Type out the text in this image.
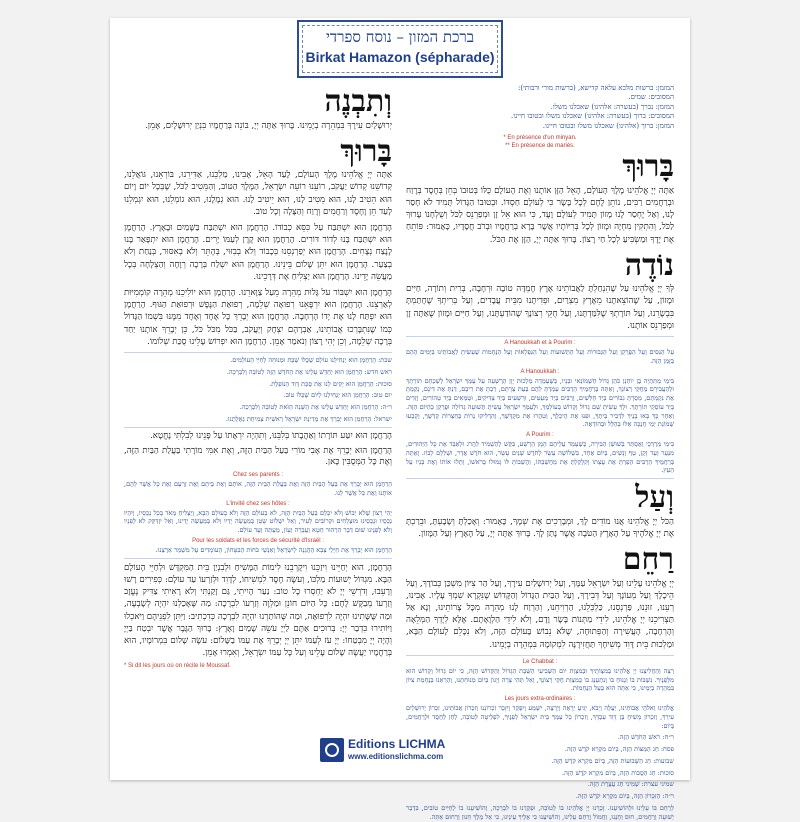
ברכת המזון – נוסח ספרדי
Birkat Hamazon (sépharade)
המזמן: ברשות מלכא עלאה קדישא, (ברשות מורי ורבותי):
המסובים: שמים.
המזמן: נברך (בעשרה: אלהינו) שאכלנו משלו.
המסובים: ברוך (בעשרה: אלהינו) שאכלנו משלו ובטובו חיינו.
המזמן: ברוך (אלהינו) שאכלנו משלו ובטובו חיינו.
* En présence d'un minyan.
** En présence de mariés.
בָּרוּךְ

אַתָּה יְיָ אֱלֹהֵינוּ מֶלֶךְ הָעוֹלָם, הָאֵל הַזָּן אוֹתָנוּ וְאֶת הָעוֹלָם כֻּלּוֹ בְּטוּבוֹ בְּחֵן בְּחֶסֶד בְּרֶוַח וּבְרַחֲמִים רַבִּים, נוֹתֵן לֶחֶם לְכָל בָּשָׂר כִּי לְעוֹלָם חַסְדּוֹ. וּבְטוּבוֹ הַגָּדוֹל תָּמִיד לֹא חָסַר לָנוּ, וְאַל יֶחְסַר לָנוּ מָזוֹן תָּמִיד לְעוֹלָם וָעֶד, כִּי הוּא אֵל זָן וּמְפַרְנֵס לַכֹּל וְשֻׁלְחָנוֹ עָרוּךְ לַכֹּל, וְהִתְקִין מִחְיָה וּמָזוֹן לְכָל בְּרִיּוֹתָיו אֲשֶׁר בָּרָא בְרַחֲמָיו וּבְרֹב חֲסָדָיו, כָּאָמוּר: פּוֹתֵחַ אֶת יָדֶךָ וּמַשְׂבִּיעַ לְכָל חַי רָצוֹן. בָּרוּךְ אַתָּה יְיָ, הַזָּן אֶת הַכֹּל.

נוֹדֶה

לְּךָ יְיָ אֱלֹהֵינוּ עַל שֶׁהִנְחַלְתָּ לַאֲבוֹתֵינוּ אֶרֶץ חֶמְדָּה טוֹבָה וּרְחָבָה, בְּרִית וְתוֹרָה, חַיִּים וּמָזוֹן, עַל שֶׁהוֹצֵאתָנוּ מֵאֶרֶץ מִצְרַיִם, וּפְדִיתָנוּ מִבֵּית עֲבָדִים, וְעַל בְּרִיתְךָ שֶׁחָתַמְתָּ בִּבְשָׂרֵנוּ, וְעַל תּוֹרָתְךָ שֶׁלִּמַּדְתָּנוּ, וְעַל חֻקֵּי רְצוֹנָךְ שֶׁהוֹדַעְתָּנוּ, וְעַל חַיִּים וּמָזוֹן שֶׁאַתָּה זָן וּמְפַרְנֵס אוֹתָנוּ.

A Hanoukkah et à Pourim :

עַל הַנִּסִּים וְעַל הַפֻּרְקָן וְעַל הַגְּבוּרוֹת וְעַל הַתְּשׁוּעוֹת וְעַל הַנִּפְלָאוֹת וְעַל הַנֶּחָמוֹת שֶׁעָשִׂיתָ לַאֲבוֹתֵינוּ בַּיָּמִים הָהֵם בַּזְּמַן הַזֶּה.

A Hanoukkah :

בִּימֵי מַתִּתְיָה בֶן יוֹחָנָן כֹּהֵן גָּדוֹל חַשְׁמוֹנַאי וּבָנָיו, כְּשֶׁעָמְדָה מַלְכוּת יָוָן הָרְשָׁעָה עַל עַמְּךָ יִשְׂרָאֵל לְשַׁכְּחָם תּוֹרָתָךְ וּלְהַעֲבִירָם מֵחֻקֵּי רְצוֹנָךְ, וְאַתָּה בְּרַחֲמֶיךָ הָרַבִּים עָמַדְתָּ לָהֶם בְּעֵת צָרָתָם, רַבְתָּ אֶת רִיבָם, דַּנְתָּ אֶת דִּינָם, נָקַמְתָּ אֶת נִקְמָתָם, מָסַרְתָּ גִבּוֹרִים בְּיַד חַלָּשִׁים, וְרַבִּים בְּיַד מְעַטִּים, וּרְשָׁעִים בְּיַד צַדִּיקִים, וּטְמֵאִים בְּיַד טְהוֹרִים, וְזֵדִים בְּיַד עוֹסְקֵי תוֹרָתֶךָ. וּלְךָ עָשִׂיתָ שֵׁם גָּדוֹל וְקָדוֹשׁ בְּעוֹלָמָךְ, וּלְעַמְּךָ יִשְׂרָאֵל עָשִׂיתָ תְּשׁוּעָה גְדוֹלָה וּפֻרְקָן כְּהַיּוֹם הַזֶּה. וְאַחַר כָּךְ בָּאוּ בָנֶיךָ לִדְבִיר בֵּיתֶךָ, וּפִנּוּ אֶת הֵיכָלֶךָ, וְטִהֲרוּ אֶת מִקְדָּשֶׁךָ, וְהִדְלִיקוּ נֵרוֹת בְּחַצְרוֹת קָדְשֶׁךָ, וְקָבְעוּ שְׁמוֹנַת יְמֵי חֲנֻכָּה אֵלּוּ בְּהַלֵּל וּבְהוֹדָאָה.

A Pourim :

בִּימֵי מָרְדְּכַי וְאֶסְתֵּר בְּשׁוּשַׁן הַבִּירָה, כְּשֶׁעָמַד עֲלֵיהֶם הָמָן הָרָשָׁע, בִּקֵּשׁ לְהַשְׁמִיד לַהֲרֹג וּלְאַבֵּד אֶת כָּל הַיְּהוּדִים, מִנַּעַר וְעַד זָקֵן, טַף וְנָשִׁים, בְּיוֹם אֶחָד, בִּשְׁלוֹשָׁה עָשָׂר לְחֹדֶשׁ שְׁנֵים עָשָׂר, הוּא חֹדֶשׁ אֲדָר, וּשְׁלָלָם לָבוֹז. וְאַתָּה בְּרַחֲמֶיךָ הָרַבִּים הֵפַרְתָּ אֶת עֲצָתוֹ וְקִלְקַלְתָּ אֶת מַחֲשַׁבְתּוֹ, וַהֲשֵׁבוֹתָ לּוֹ גְּמוּלוֹ בְרֹאשׁוֹ, וְתָלוּ אוֹתוֹ וְאֶת בָּנָיו עַל הָעֵץ.

וְעַל

הַכֹּל יְיָ אֱלֹהֵינוּ אֲנוּ מוֹדִים לָךְ, וּמְבָרְכִים אֶת שְׁמָךְ, כָּאָמוּר: וְאָכַלְתָּ וְשָׂבָעְתָּ, וּבֵרַכְתָּ אֶת יְיָ אֱלֹהֶיךָ עַל הָאָרֶץ הַטֹּבָה אֲשֶׁר נָתַן לָךְ. בָּרוּךְ אַתָּה יְיָ, עַל הָאָרֶץ וְעַל הַמָּזוֹן.

רַחֵם

יְיָ אֱלֹהֵינוּ עָלֵינוּ וְעַל יִשְׂרָאֵל עַמָּךְ, וְעַל יְרוּשָׁלַיִם עִירָךְ, וְעַל הַר צִיּוֹן מִשְׁכַּן כְּבוֹדָךְ, וְעַל הֵיכָלָךְ וְעַל מְעוֹנָךְ וְעַל דְּבִירָךְ, וְעַל הַבַּיִת הַגָּדוֹל וְהַקָּדוֹשׁ שֶׁנִּקְרָא שִׁמְךָ עָלָיו. אָבִינוּ, רְעֵנוּ, זוּנֵנוּ, פַּרְנְסֵנוּ, כַּלְכְּלֵנוּ, הַרְוִיחֵנוּ, וְהַרְוַח לָנוּ מְהֵרָה מִכָּל צָרוֹתֵינוּ, וְנָא אַל תַּצְרִיכֵנוּ יְיָ אֱלֹהֵינוּ, לִידֵי מַתְּנוֹת בָּשָׂר וָדָם, וְלֹא לִידֵי הַלְוָאָתָם. אֶלָּא לְיָדְךָ הַמְּלֵאָה וְהָרְחָבָה, הָעֲשִׁירָה וְהַפְּתוּחָה, שֶׁלֹּא נֵבוֹשׁ בָּעוֹלָם הַזֶּה, וְלֹא נִכָּלֵם לָעוֹלָם הַבָּא, וּמַלְכוּת בֵּית דָּוִד מְשִׁיחָךְ תַּחֲזִירֶנָּה לִמְקוֹמָהּ בִּמְהֵרָה בְיָמֵינוּ.

Le Chabbat :

רְצֵה וְהַחֲלִיצֵנוּ יְיָ אֱלֹהֵינוּ בְּמִצְוֹתֶיךָ וּבְמִצְוַת יוֹם הַשְּׁבִיעִי הַשַּׁבָּת הַגָּדוֹל וְהַקָּדוֹשׁ הַזֶּה, כִּי יוֹם גָּדוֹל וְקָדוֹשׁ הוּא מִלְּפָנֶיךָ. נִשְׁבּוֹת בּוֹ וְנָנוּחַ בּוֹ וְנִתְעַנֵּג בּוֹ כְּמִצְוַת חֻקֵּי רְצוֹנָךְ, וְאַל תְּהִי צָרָה וְיָגוֹן בְּיוֹם מְנוּחָתֵנוּ, וְהַרְאֵנוּ בְּנֶחָמַת צִיּוֹן בִּמְהֵרָה בְיָמֵינוּ, כִּי אַתָּה הוּא בַּעַל הַנֶּחָמוֹת.

Les jours extra-ordinaires :

אֱלֹהֵינוּ וֵאלֹהֵי אֲבוֹתֵינוּ, יַעֲלֶה וְיָבֹא, יַגִּיעַ יֵרָאֶה וְיֵרָצֶה, יִשָּׁמַע וְיִפָּקֵד וְיִזָּכֵר זִכְרוֹנֵנוּ וְזִכְרוֹן אֲבוֹתֵינוּ, זִכְרוֹן יְרוּשָׁלַיִם עִירָךְ, וְזִכְרוֹן מָשִׁיחַ בֶּן דָּוִד עַבְדָּךְ, וְזִכְרוֹן כָּל עַמְּךָ בֵּית יִשְׂרָאֵל לְפָנֶיךָ, לִפְלֵיטָה לְטוֹבָה, לְחֵן לְחֶסֶד וּלְרַחֲמִים, בְּיוֹם:

ר״ח: רֹאשׁ הַחֹדֶשׁ הַזֶּה.
פסח: חַג הַמַּצּוֹת הַזֶּה, בְּיוֹם מִקְרָא קֹדֶשׁ הַזֶּה.
שבועות: חַג הַשָּׁבוּעוֹת הַזֶּה, בְּיוֹם מִקְרָא קֹדֶשׁ הַזֶּה.
סוכות: חַג הַסֻּכּוֹת הַזֶּה, בְּיוֹם מִקְרָא קֹדֶשׁ הַזֶּה.
שמיני עצרת: שְׁמִינִי חַג עֲצֶרֶת הַזֶּה.
ר״ה: הַזִּכָּרוֹן הַזֶּה, בְּיוֹם מִקְרָא קֹדֶשׁ הַזֶּה.

לְרַחֵם בּוֹ עָלֵינוּ וּלְהוֹשִׁיעֵנוּ. זָכְרֵנוּ יְיָ אֱלֹהֵינוּ בּוֹ לְטוֹבָה, וּפָקְדֵנוּ בוֹ לִבְרָכָה, וְהוֹשִׁיעֵנוּ בוֹ לְחַיִּים טוֹבִים, בִּדְבַר יְשׁוּעָה וְרַחֲמִים, חוּס וְחָנֵּנוּ, וַחֲמוֹל וְרַחֵם עָלֵינוּ, וְהוֹשִׁיעֵנוּ כִּי אֵלֶיךָ עֵינֵינוּ, כִּי אֵל מֶלֶךְ חַנּוּן וְרַחוּם אָתָּה.

וְתִבְנֶה

יְרוּשָׁלַיִם עִירָךְ בִּמְהֵרָה בְיָמֵינוּ. בָּרוּךְ אַתָּה יְיָ, בּוֹנֵה בְּרַחֲמָיו בִּנְיַן יְרוּשָׁלָיִם, אָמֵן.

בָּרוּךְ

אַתָּה יְיָ אֱלֹהֵינוּ מֶלֶךְ הָעוֹלָם, לָעַד הָאֵל, אָבִינוּ, מַלְכֵּנוּ, אַדִּירֵנוּ, בּוֹרְאֵנוּ, גּוֹאֲלֵנוּ, קְדוֹשֵׁנוּ קְדוֹשׁ יַעֲקֹב, רוֹעֵנוּ רוֹעֵה יִשְׂרָאֵל, הַמֶּלֶךְ הַטּוֹב, וְהַמֵּטִיב לַכֹּל, שֶׁבְּכָל יוֹם וָיוֹם הוּא הֵטִיב לָנוּ, הוּא מֵטִיב לָנוּ, הוּא יֵיטִיב לָנוּ. הוּא גְמָלָנוּ, הוּא גוֹמְלֵנוּ, הוּא יִגְמְלֵנוּ לָעַד חֵן וָחֶסֶד וְרַחֲמִים וְרֶוַח וְהַצָּלָה וְכָל טוֹב.

הָרַחֲמָן הוּא יִשְׁתַּבַּח עַל כִּסֵּא כְבוֹדוֹ. הָרַחֲמָן הוּא יִשְׁתַּבַּח בַּשָּׁמַיִם וּבָאָרֶץ. הָרַחֲמָן הוּא יִשְׁתַּבַּח בָּנוּ לְדוֹר דּוֹרִים. הָרַחֲמָן הוּא קֶרֶן לְעַמּוֹ יָרִים. הָרַחֲמָן הוּא יִתְפָּאַר בָּנוּ לָנֶצַח נְצָחִים. הָרַחֲמָן הוּא יְפַרְנְסֵנוּ בְּכָבוֹד וְלֹא בְבִזּוּי, בְּהֶתֵּר וְלֹא בְאִסּוּר, בְּנַחַת וְלֹא בְצַעַר. הָרַחֲמָן הוּא יִתֵּן שָׁלוֹם בֵּינֵינוּ. הָרַחֲמָן הוּא יִשְׁלַח בְּרָכָה רְוָחָה וְהַצְלָחָה בְּכָל מַעֲשֵׂה יָדֵינוּ. הָרַחֲמָן הוּא יַצְלִיחַ אֶת דְּרָכֵינוּ.

הָרַחֲמָן הוּא יִשְׁבּוֹר עֹל גָּלוּת מְהֵרָה מֵעַל צַוָּארֵנוּ. הָרַחֲמָן הוּא יוֹלִיכֵנוּ מְהֵרָה קוֹמְמִיּוּת לְאַרְצֵנוּ. הָרַחֲמָן הוּא יִרְפָּאֵנוּ רְפוּאָה שְׁלֵמָה, רְפוּאַת הַנֶּפֶשׁ וּרְפוּאַת הַגּוּף. הָרַחֲמָן הוּא יִפְתַּח לָנוּ אֶת יָדוֹ הָרְחָבָה. הָרַחֲמָן הוּא יְבָרֵךְ כָּל אֶחָד וְאֶחָד מִמֶּנּוּ בִּשְׁמוֹ הַגָּדוֹל כְּמוֹ שֶׁנִּתְבָּרְכוּ אֲבוֹתֵינוּ, אַבְרָהָם יִצְחָק וְיַעֲקֹב, בַּכֹּל מִכֹּל כֹּל, כֵּן יְבָרֵךְ אוֹתָנוּ יַחַד בְּרָכָה שְׁלֵמָה, וְכֵן יְהִי רָצוֹן וְנֹאמַר אָמֵן. הָרַחֲמָן הוּא יִפְרוֹשׂ עָלֵינוּ סֻכַּת שְׁלוֹמוֹ.

שבת: הָרַחֲמָן הוּא יַנְחִילֵנוּ עוֹלָם שֶׁכֻּלּוֹ שַׁבָּת וּמְנוּחָה לְחַיֵּי הָעוֹלָמִים.

ראש חדש: הָרַחֲמָן הוּא יְחַדֵּשׁ עָלֵינוּ אֶת הַחֹדֶשׁ הַזֶּה לְטוֹבָה וְלִבְרָכָה.

סוכות: הָרַחֲמָן הוּא יָקִים לָנוּ אֶת סֻכַּת דָּוִד הַנּוֹפָלֶת.

יום טוב: הָרַחֲמָן הוּא יַנְחִילֵנוּ לְיוֹם שֶׁכֻּלּוֹ טוֹב.

ר״ה: הָרַחֲמָן הוּא יְחַדֵּשׁ עָלֵינוּ אֶת הַשָּׁנָה הַזֹּאת לְטוֹבָה וְלִבְרָכָה.

ישראל: הָרַחֲמָן הוּא יְבָרֵךְ אֶת מְדִינַת יִשְׂרָאֵל רֵאשִׁית צְמִיחַת גְּאֻלָּתֵנוּ.

הָרַחֲמָן הוּא יִטַּע תּוֹרָתוֹ וְאַהֲבָתוֹ בְּלִבֵּנוּ, וְתִהְיֶה יִרְאָתוֹ עַל פָּנֵינוּ לְבִלְתִּי נֶחֱטָא.

הָרַחֲמָן הוּא יְבָרֵךְ אֶת אָבִי מוֹרִי בַּעַל הַבַּיִת הַזֶּה, וְאֶת אִמִּי מוֹרָתִי בַּעֲלַת הַבַּיִת הַזֶּה, וְאֶת כָּל הַמְּסֻבִּין כָּאן.

Chez ses parents :

הָרַחֲמָן הוּא יְבָרֵךְ אֶת בַּעַל הַבַּיִת הַזֶּה וְאֶת בַּעֲלַת הַבַּיִת הַזֶּה, אוֹתָם וְאֶת בֵּיתָם וְאֶת זַרְעָם וְאֶת כָּל אֲשֶׁר לָהֶם, אוֹתָנוּ וְאֶת כָּל אֲשֶׁר לָנוּ.

L'invité chez ses hôtes :

יְהִי רָצוֹן שֶׁלֹּא יֵבוֹשׁ וְלֹא יִכָּלֵם בַּעַל הַבַּיִת הַזֶּה, לֹא בָעוֹלָם הַזֶּה וְלֹא בָעוֹלָם הַבָּא, וְיַצְלִיחַ מְאֹד בְּכָל נְכָסָיו, וְיִהְיוּ נְכָסָיו וּנְכָסֵינוּ מוּצְלָחִים וּקְרוֹבִים לָעִיר, וְאַל יִשְׁלוֹט שָׂטָן בְּמַעֲשֵׂה יָדָיו וְלֹא בְּמַעֲשֵׂה יָדֵינוּ, וְאַל יִזְדַּקֵּק לֹא לְפָנָיו וְלֹא לְפָנֵינוּ שׁוּם דְּבַר הִרְהוּר חֵטְא וַעֲבֵרָה וְעָוֹן, מֵעַתָּה וְעַד עוֹלָם.

Pour les soldats et les forces de sécurité d'Israël :

הָרַחֲמָן הוּא יְבָרֵךְ אֶת חַיָּלֵי צְבָא הַהֲגָנָה לְיִשְׂרָאֵל וְאַנְשֵׁי כֹּחוֹת הַבִּטָּחוֹן, הָעוֹמְדִים עַל מִשְׁמַר אַרְצֵנוּ.

הָרַחֲמָן, הוּא יְחַיֵּינוּ וִיזַכֵּנוּ וִיקָרְבֵנוּ לִימוֹת הַמָּשִׁיחַ וּלְבִנְיַן בֵּית הַמִּקְדָּשׁ וּלְחַיֵּי הָעוֹלָם הַבָּא. מִגְדּוֹל יְשׁוּעוֹת מַלְכּוֹ, וְעֹשֶׂה חֶסֶד לִמְשִׁיחוֹ, לְדָוִד וּלְזַרְעוֹ עַד עוֹלָם: כְּפִירִים רָשׁוּ וְרָעֵבוּ, וְדֹרְשֵׁי יְיָ לֹא יַחְסְרוּ כָל טוֹב: נַעַר הָיִיתִי, גַּם זָקַנְתִּי וְלֹא רָאִיתִי צַדִּיק נֶעֱזָב וְזַרְעוֹ מְבַקֶּשׁ לָחֶם: כָּל הַיּוֹם חוֹנֵן וּמַלְוֶה וְזַרְעוֹ לִבְרָכָה: מַה שֶּׁאָכַלְנוּ יִהְיֶה לְשָׂבְעָה, וּמַה שֶּׁשָּׁתִינוּ יִהְיֶה לִרְפוּאָה, וּמַה שֶּׁהוֹתַרְנוּ יִהְיֶה לִבְרָכָה כְּדִכְתִיב: וַיִּתֵּן לִפְנֵיהֶם וַיֹּאכְלוּ וַיּוֹתִירוּ כִּדְבַר יְיָ: בְּרוּכִים אַתֶּם לַיְיָ עֹשֵׂה שָׁמַיִם וָאָרֶץ: בָּרוּךְ הַגֶּבֶר אֲשֶׁר יִבְטַח בַּיְיָ וְהָיָה יְיָ מִבְטַחוֹ: יְיָ עֹז לְעַמּוֹ יִתֵּן יְיָ יְבָרֵךְ אֶת עַמּוֹ בַשָּׁלוֹם: עֹשֶׂה שָׁלוֹם בִּמְרוֹמָיו, הוּא בְּרַחֲמָיו יַעֲשֶׂה שָׁלוֹם עָלֵינוּ וְעַל כָּל עַמּוֹ יִשְׂרָאֵל, וְאִמְרוּ אָמֵן.

* Si dit les jours où on récite le Moussaf.
Editions LICHMA
www.editionslichma.com
